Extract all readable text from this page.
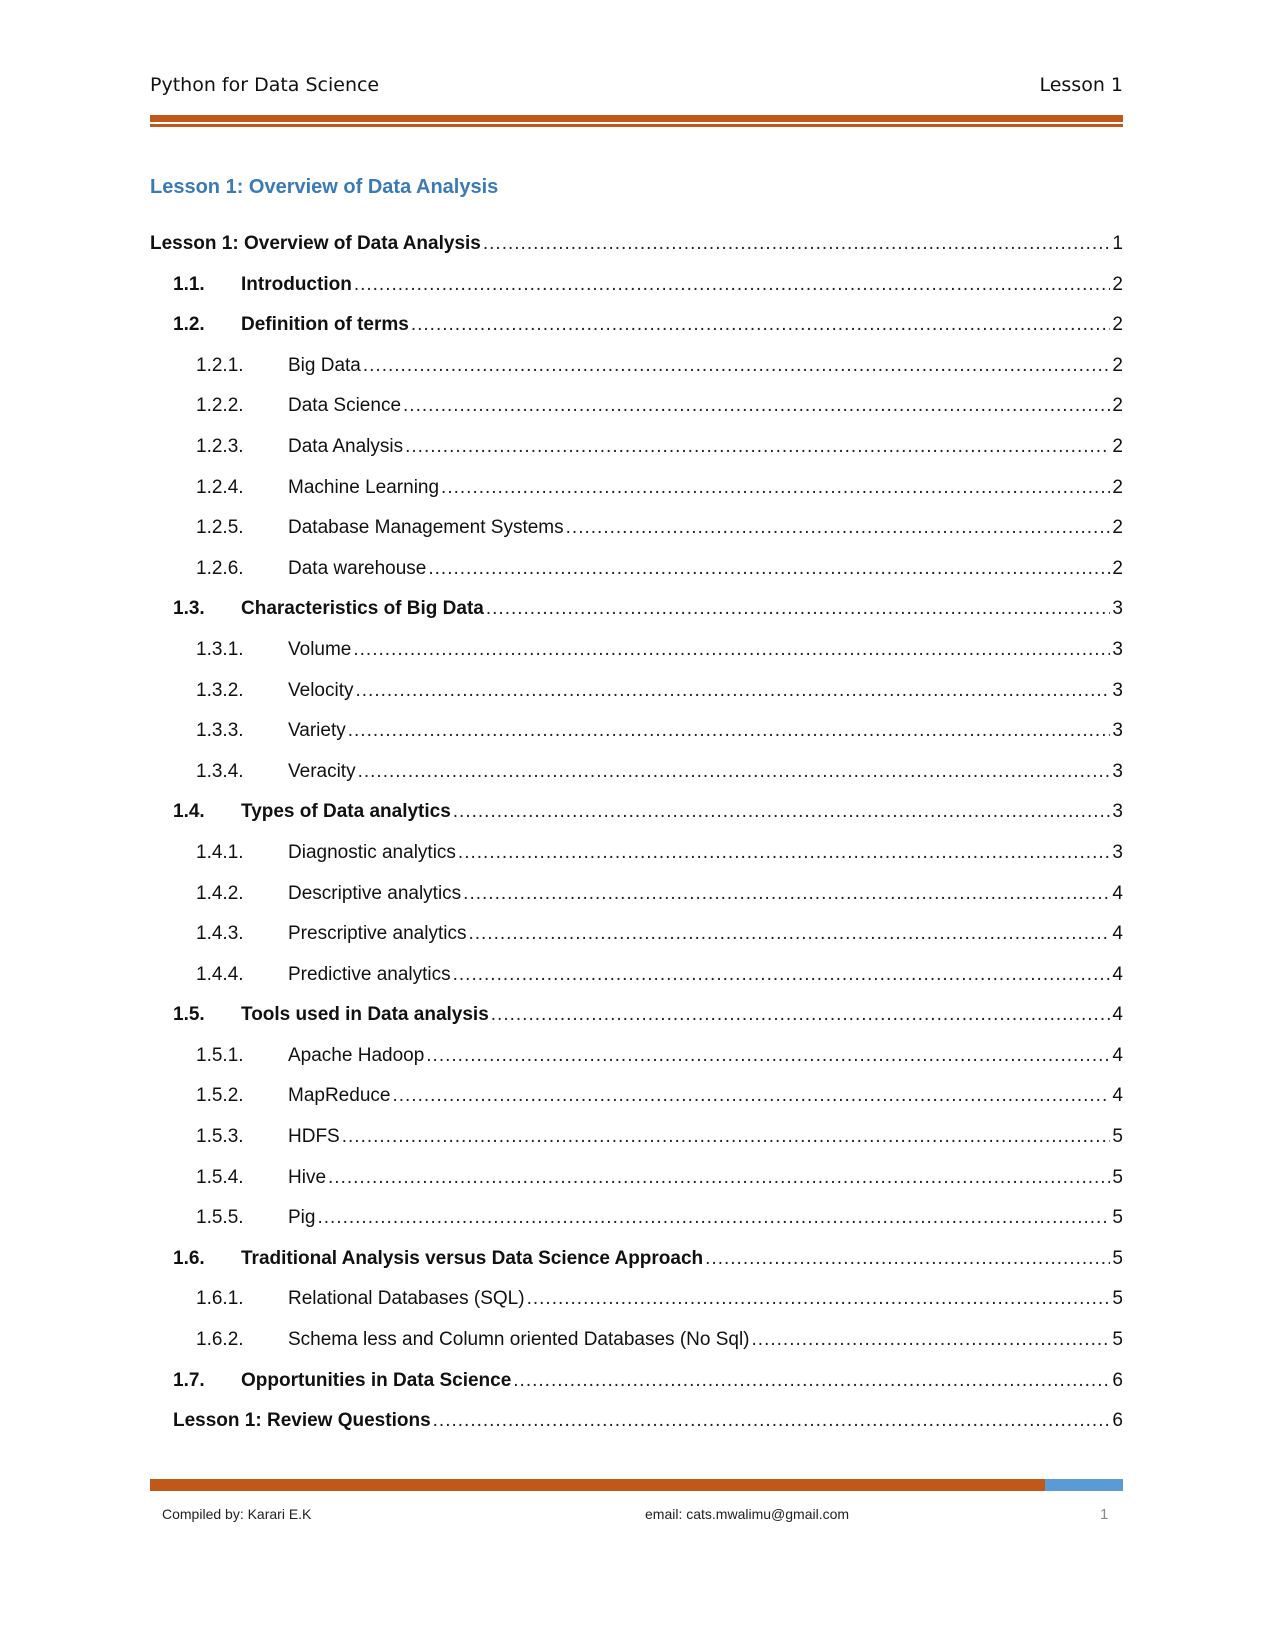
Python for Data Science	Lesson 1
Lesson 1: Overview of Data Analysis
Lesson 1: Overview of Data Analysis .....	1
1.1.	Introduction .....	2
1.2.	Definition of terms .....	2
1.2.1.	Big Data .....	2
1.2.2.	Data Science .....	2
1.2.3.	Data Analysis .....	2
1.2.4.	Machine Learning .....	2
1.2.5.	Database Management Systems .....	2
1.2.6.	Data warehouse .....	2
1.3.	Characteristics of Big Data .....	3
1.3.1.	Volume .....	3
1.3.2.	Velocity .....	3
1.3.3.	Variety .....	3
1.3.4.	Veracity .....	3
1.4.	Types of Data analytics .....	3
1.4.1.	Diagnostic analytics .....	3
1.4.2.	Descriptive analytics .....	4
1.4.3.	Prescriptive analytics .....	4
1.4.4.	Predictive analytics .....	4
1.5.	Tools used in Data analysis .....	4
1.5.1.	Apache Hadoop .....	4
1.5.2.	MapReduce .....	4
1.5.3.	HDFS .....	5
1.5.4.	Hive .....	5
1.5.5.	Pig .....	5
1.6.	Traditional Analysis versus Data Science Approach .....	5
1.6.1.	Relational Databases (SQL) .....	5
1.6.2.	Schema less and Column oriented Databases (No Sql) .....	5
1.7.	Opportunities in Data Science .....	6
Lesson 1: Review Questions .....	6
Compiled by: Karari E.K	email: cats.mwalimu@gmail.com	1
